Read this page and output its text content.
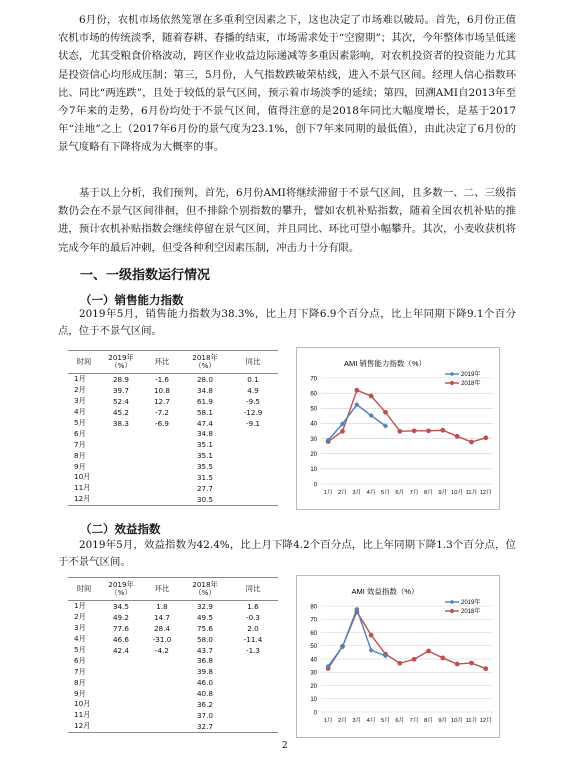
6月份，农机市场依然笼罩在多重利空因素之下，这也决定了市场难以破局。首先，6月份正值农机市场的传统淡季，随着春耕、春播的结束，市场需求处于“空窗期”；其次，今年整体市场呈低迷状态，尤其受粮食价格波动，跨区作业收益边际递减等多重因素影响，对农机投资者的投资能力尤其是投资信心均形成压制；第三，5月份，人气指数跌破荣枯线，进入不景气区间。经理人信心指数环比、同比“两连跌”，且处于较低的景气区间，预示着市场淡季的延续；第四，回溯AMI自2013年至今7年来的走势，6月份均处于不景气区间，值得注意的是2018年同比大幅度增长，是基于2017年“洼地”之上（2017年6月份的景气度为23.1%，创下7年来同期的最低值），由此决定了6月份的景气度略有下降将成为大概率的事。

基于以上分析，我们预判，首先，6月份AMI将继续滞留于不景气区间，且多数一、二、三级指数仍会在不景气区间徘徊，但不排除个别指数的攀升，譬如农机补贴指数，随着全国农机补贴的推进，预计农机补贴指数会继续停留在景气区间，并且同比、环比可望小幅攀升。其次，小麦收获机将完成今年的最后冲刺，但受各种利空因素压制，冲击力十分有限。

一、一级指数运行情况
（一）销售能力指数

2019年5月，销售能力指数为38.3%，比上月下降6.9个百分点，比上年同期下降9.1个百分点，位于不景气区间。

时间	2019年
（%）	环比	2018年
（%）	同比
1月	28.9	-1.6	28.0	0.1
2月	39.7	10.8	34.8	4.9
3月	52.4	12.7	61.9	-9.5
4月	45.2	-7.2	58.1	-12.9
5月	38.3	-6.9	47.4	-9.1
6月			34.8	
7月			35.1	
8月			35.1	
9月			35.5	
10月			31.5	
11月			27.7	
12月			30.5	
AMI 销售能力指数（%）
0
10
20
30
40
50
60
70
1月 2月 3月 4月 5月 6月 7月 8月 9月 10月 11月 12月
2019年
2018年
（二）效益指数

2019年5月，效益指数为42.4%，比上月下降4.2个百分点，比上年同期下降1.3个百分点，位于不景气区间。

时间	2019年
（%）	环比	2018年
（%）	同比
1月	34.5	1.8	32.9	1.6
2月	49.2	14.7	49.5	-0.3
3月	77.6	28.4	75.6	2.0
4月	46.6	-31.0	58.0	-11.4
5月	42.4	-4.2	43.7	-1.3
6月			36.8	
7月			39.8	
8月			46.0	
9月			40.8	
10月			36.2	
11月			37.0	
12月			32.7	
AMI 效益指数（%）
0
10
20
30
40
50
60
70
80
1月 2月 3月 4月 5月 6月 7月 8月 9月 10月 11月 12月
2019年
2018年
2
